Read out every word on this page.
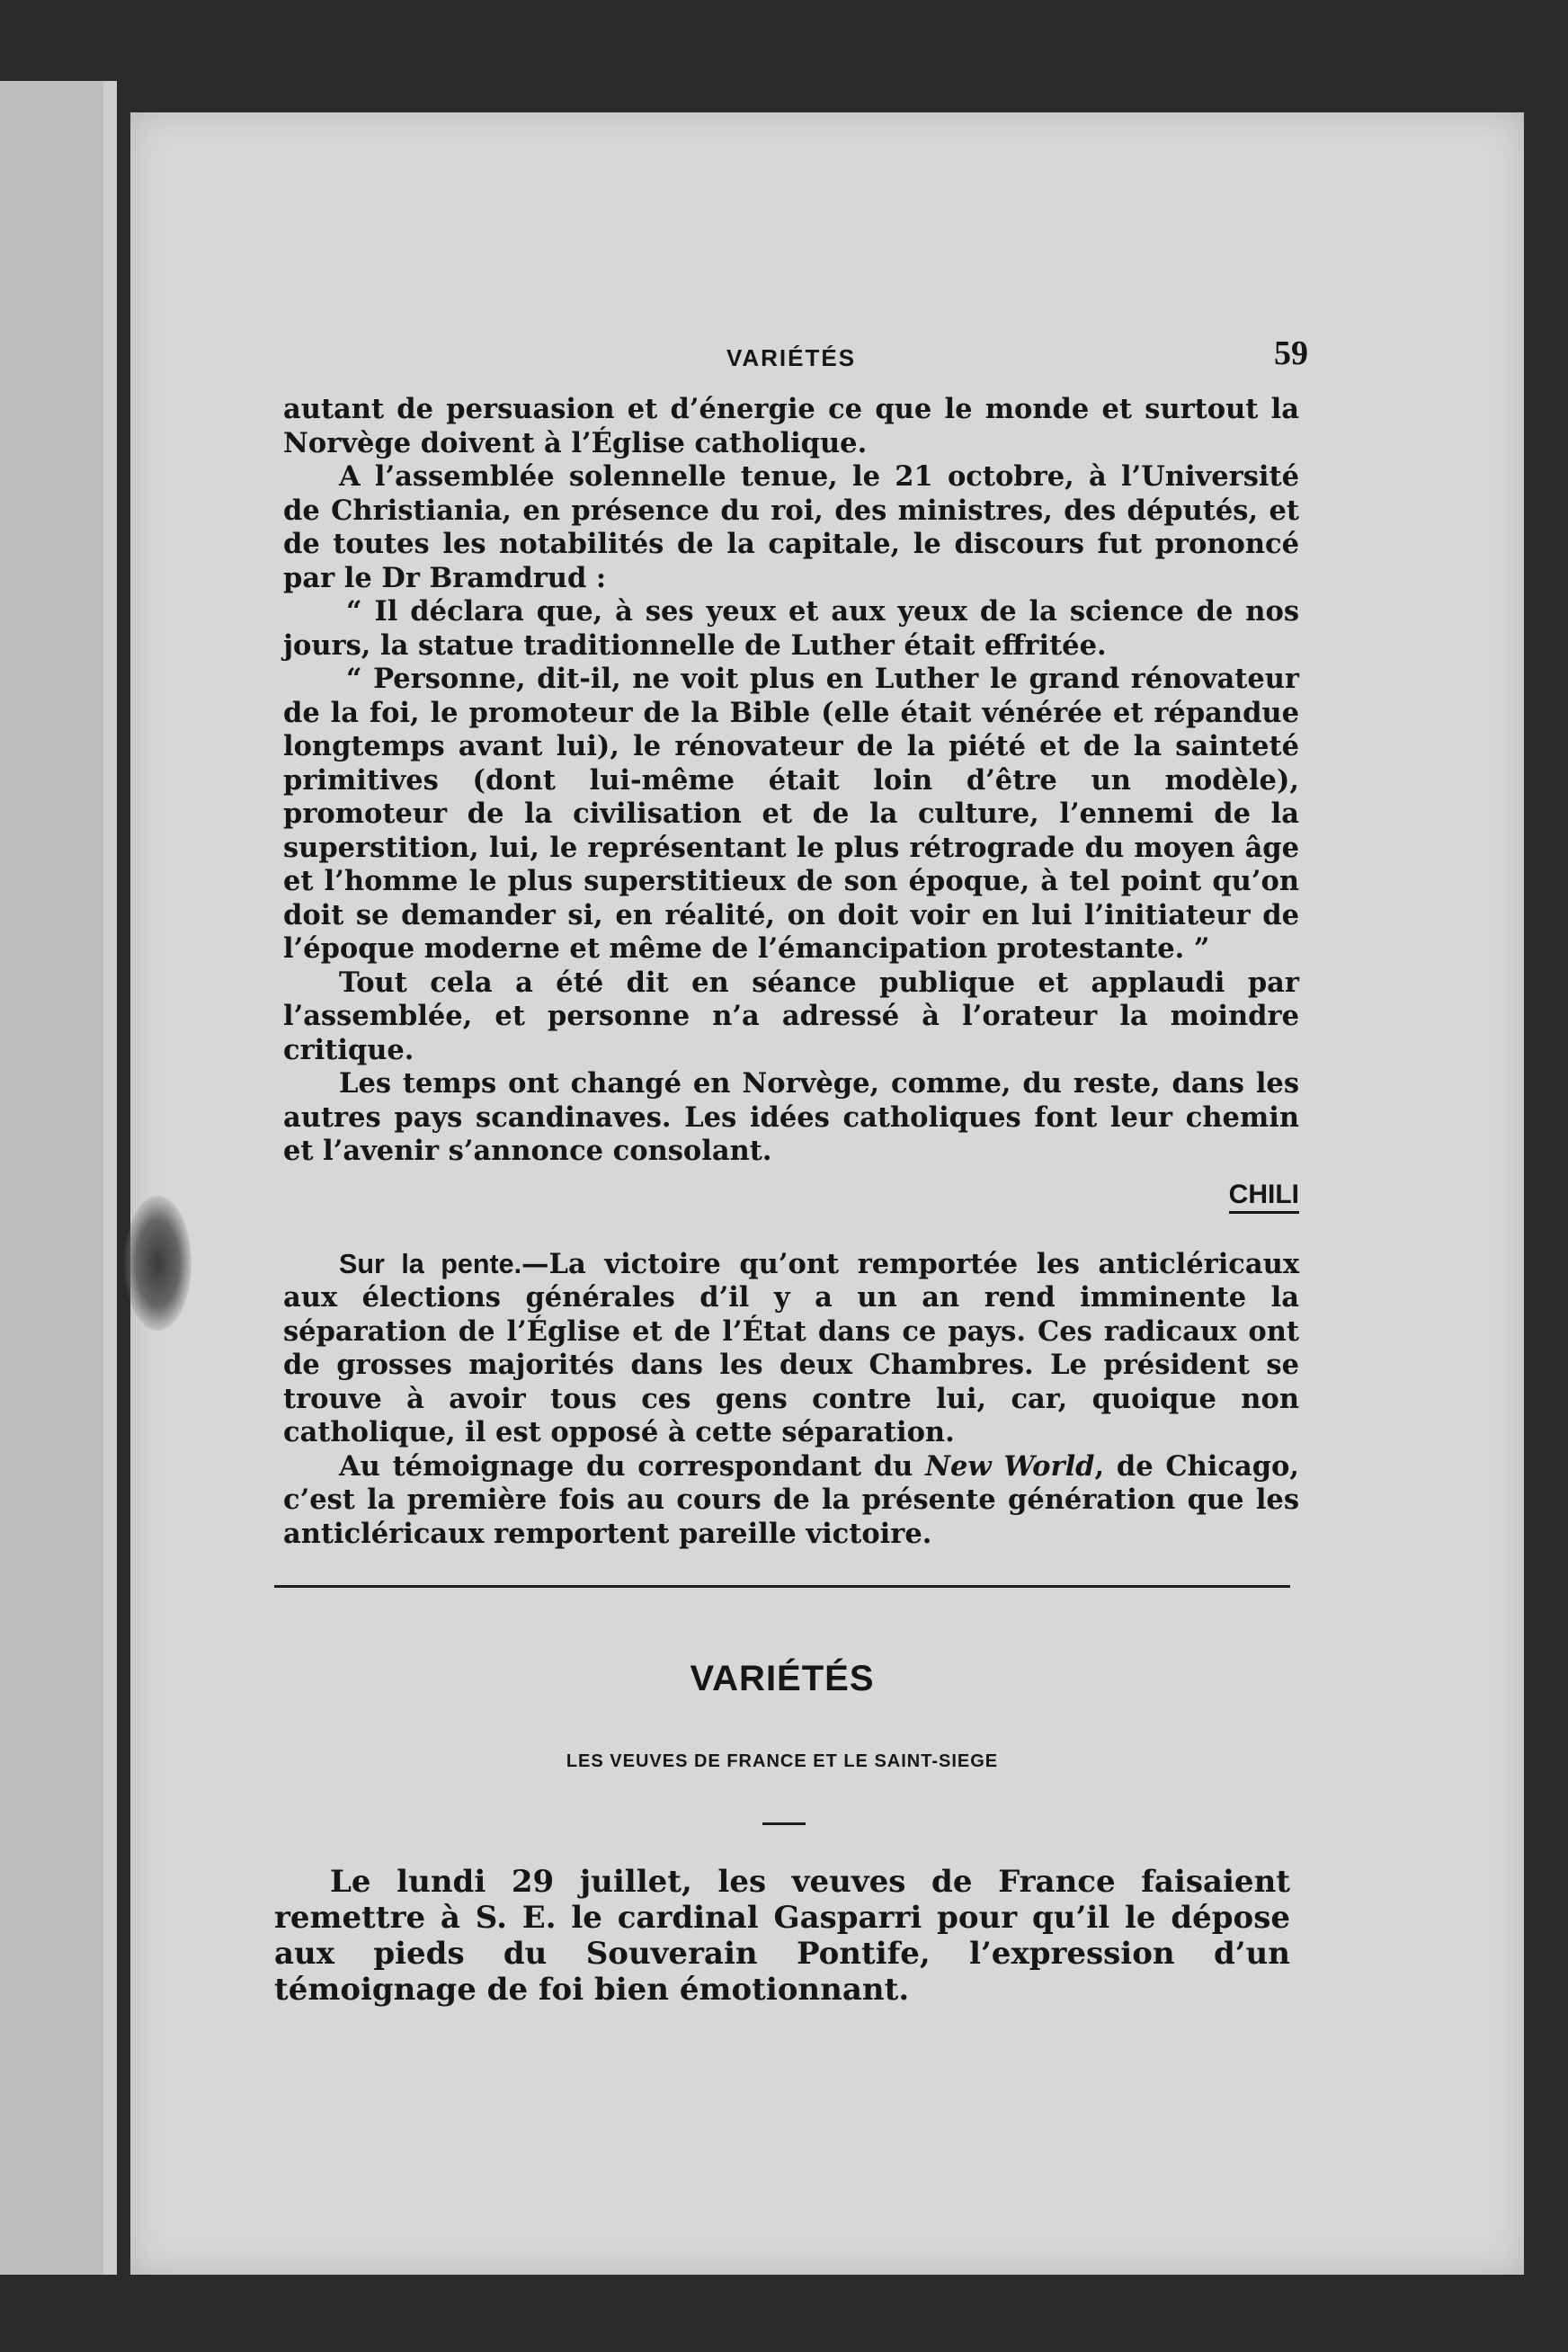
VARIÉTÉS	59

autant de persuasion et d’énergie ce que le monde et surtout la Norvège doivent à l’Église catholique.

A l’assemblée solennelle tenue, le 21 octobre, à l’Université de Christiania, en présence du roi, des ministres, des députés, et de toutes les notabilités de la capitale, le discours fut prononcé par le Dr Bramdrud :

“ Il déclara que, à ses yeux et aux yeux de la science de nos jours, la statue traditionnelle de Luther était effritée.

“ Personne, dit-il, ne voit plus en Luther le grand rénovateur de la foi, le promoteur de la Bible (elle était vénérée et répandue longtemps avant lui), le rénovateur de la piété et de la sainteté primitives (dont lui-même était loin d’être un modèle), promoteur de la civilisation et de la culture, l’ennemi de la superstition, lui, le représentant le plus rétrograde du moyen âge et l’homme le plus superstitieux de son époque, à tel point qu’on doit se demander si, en réalité, on doit voir en lui l’initiateur de l’époque moderne et même de l’émancipation protestante. ”

Tout cela a été dit en séance publique et applaudi par l’assemblée, et personne n’a adressé à l’orateur la moindre critique.

Les temps ont changé en Norvège, comme, du reste, dans les autres pays scandinaves. Les idées catholiques font leur chemin et l’avenir s’annonce consolant.

CHILI

Sur la pente.—La victoire qu’ont remportée les anticléricaux aux élections générales d’il y a un an rend imminente la séparation de l’Église et de l’État dans ce pays. Ces radicaux ont de grosses majorités dans les deux Chambres. Le président se trouve à avoir tous ces gens contre lui, car, quoique non catholique, il est opposé à cette séparation.

Au témoignage du correspondant du New World, de Chicago, c’est la première fois au cours de la présente génération que les anticléricaux remportent pareille victoire.

VARIÉTÉS
LES VEUVES DE FRANCE ET LE SAINT-SIEGE

Le lundi 29 juillet, les veuves de France faisaient remettre à S. E. le cardinal Gasparri pour qu’il le dépose aux pieds du Souverain Pontife, l’expression d’un témoignage de foi bien émotionnant.
